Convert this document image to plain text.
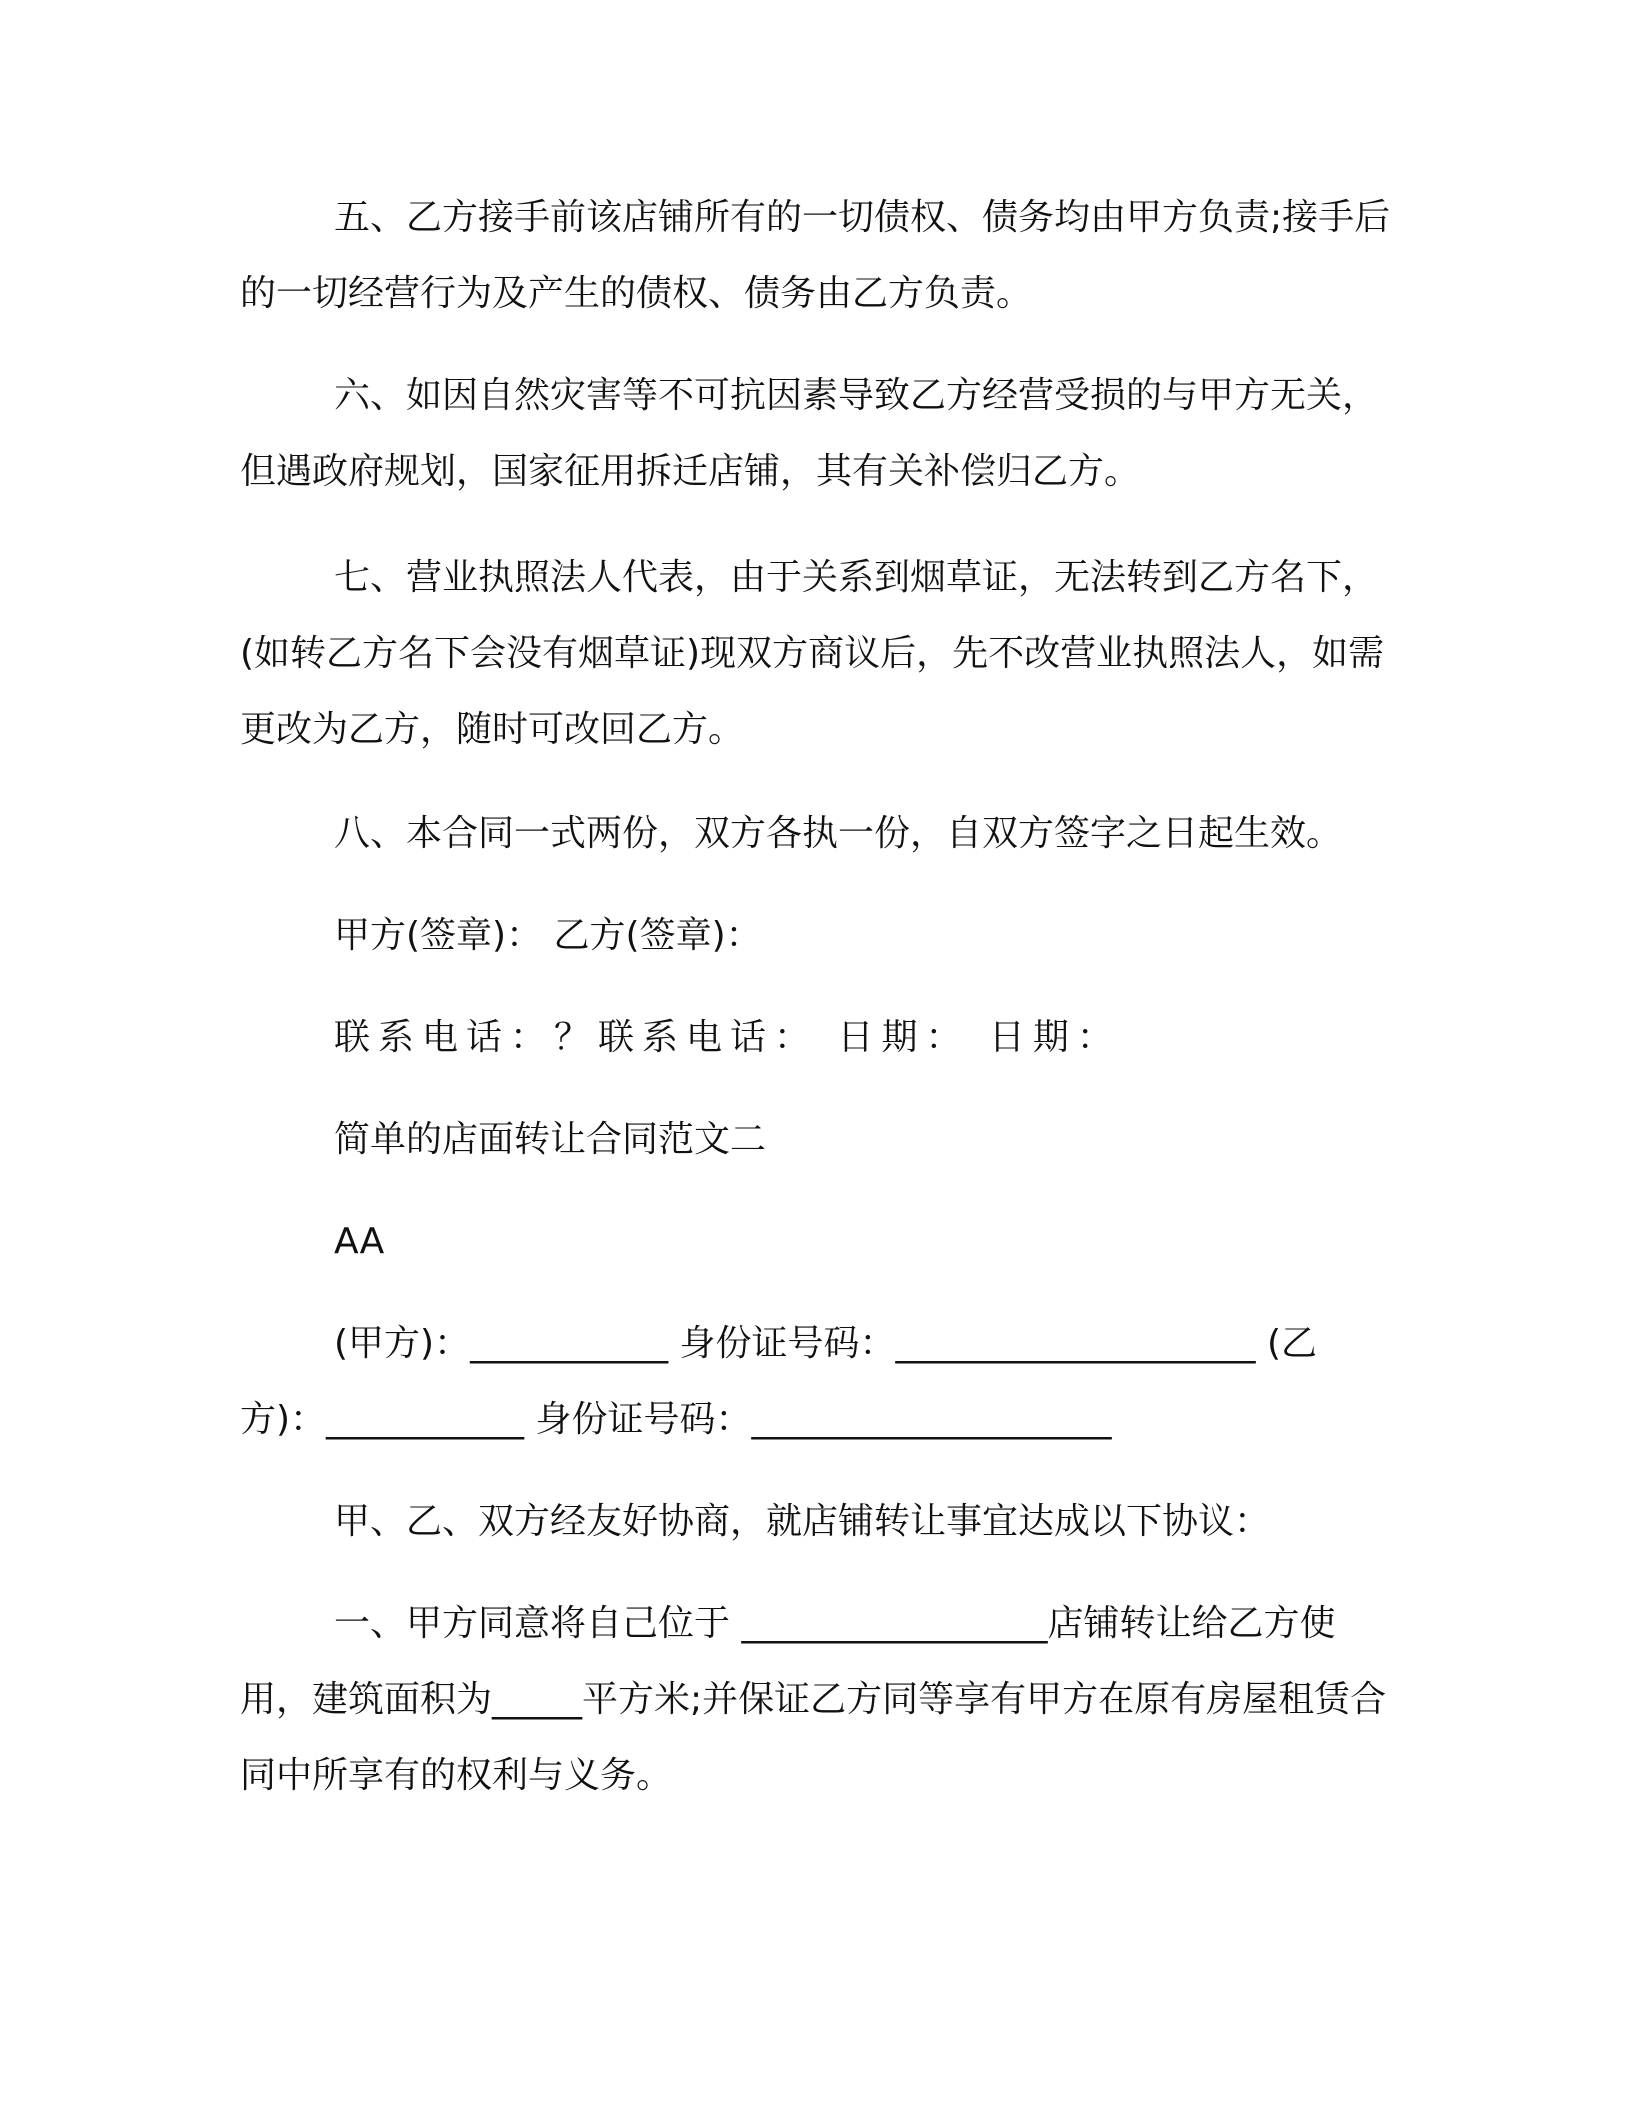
五、乙方接手前该店铺所有的一切债权、债务均由甲方负责;接手后的一切经营行为及产生的债权、债务由乙方负责。

六、如因自然灾害等不可抗因素导致乙方经营受损的与甲方无关，但遇政府规划，国家征用拆迁店铺，其有关补偿归乙方。

七、营业执照法人代表，由于关系到烟草证，无法转到乙方名下，(如转乙方名下会没有烟草证)现双方商议后，先不改营业执照法人，如需更改为乙方，随时可改回乙方。

八、本合同一式两份，双方各执一份，自双方签字之日起生效。

甲方(签章)： 乙方(签章)：

联系电话：？联系电话： 日期： 日期：

简单的店面转让合同范文二

AA

(甲方)：___________ 身份证号码：____________________ (乙方)：___________ 身份证号码：____________________

甲、乙、双方经友好协商，就店铺转让事宜达成以下协议：

一、甲方同意将自己位于 _________________店铺转让给乙方使用，建筑面积为_____平方米;并保证乙方同等享有甲方在原有房屋租赁合同中所享有的权利与义务。
